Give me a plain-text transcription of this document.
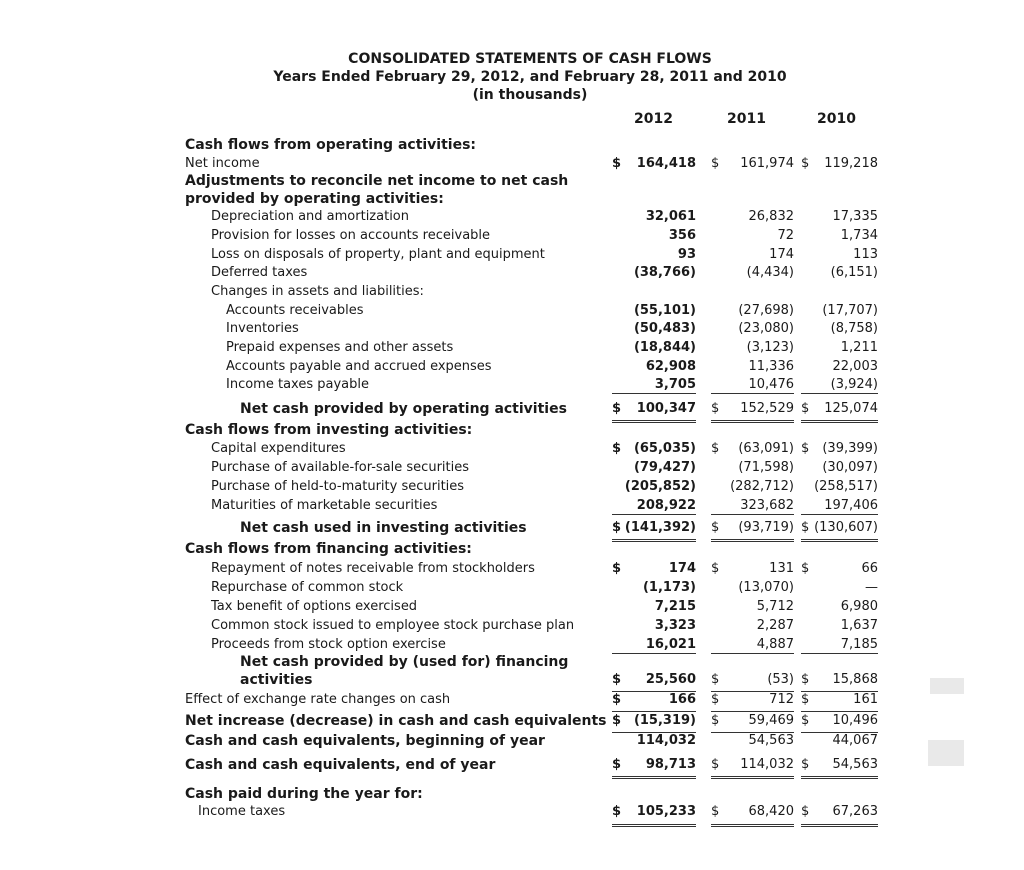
CONSOLIDATED STATEMENTS OF CASH FLOWS
Years Ended February 29, 2012, and February 28, 2011 and 2010
(in thousands)
2012	2011	2010
Cash flows from operating activities:
Net income	$ 164,418 $ 161,974 $ 119,218
Adjustments to reconcile net income to net cash
provided by operating activities:
Depreciation and amortization	32,061	26,832	17,335
Provision for losses on accounts receivable	356	72	1,734
Loss on disposals of property, plant and equipment	93	174	113
Deferred taxes	(38,766)	(4,434)	(6,151)
Changes in assets and liabilities:
Accounts receivables	(55,101)	(27,698) (17,707)
Inventories	(50,483)	(23,080)	(8,758)
Prepaid expenses and other assets	(18,844)	(3,123)	1,211
Accounts payable and accrued expenses	62,908	11,336	22,003
Income taxes payable	3,705	10,476	(3,924)
Net cash provided by operating activities	$ 100,347 $ 152,529 $ 125,074
Cash flows from investing activities:
Capital expenditures	$ (65,035) $ (63,091) $ (39,399)
Purchase of available-for-sale securities	(79,427)	(71,598) (30,097)
Purchase of held-to-maturity securities	(205,852)	(282,712) (258,517)
Maturities of marketable securities	208,922	323,682 197,406
Net cash used in investing activities	$ (141,392) $ (93,719) $ (130,607)
Cash flows from financing activities:
Repayment of notes receivable from stockholders	$	174 $	131 $	66
Repurchase of common stock	(1,173)	(13,070)	—
Tax benefit of options exercised	7,215	5,712	6,980
Common stock issued to employee stock purchase plan	3,323	2,287	1,637
Proceeds from stock option exercise	16,021	4,887	7,185
Net cash provided by (used for) financing
activities	$ 25,560 $	(53) $ 15,868
Effect of exchange rate changes on cash	$	166 $	712 $	161
Net increase (decrease) in cash and cash equivalents $ (15,319) $ 59,469 $ 10,496
Cash and cash equivalents, beginning of year	114,032	54,563	44,067
Cash and cash equivalents, end of year	$ 98,713 $ 114,032 $ 54,563
Cash paid during the year for:
Income taxes	$ 105,233 $ 68,420 $ 67,263
